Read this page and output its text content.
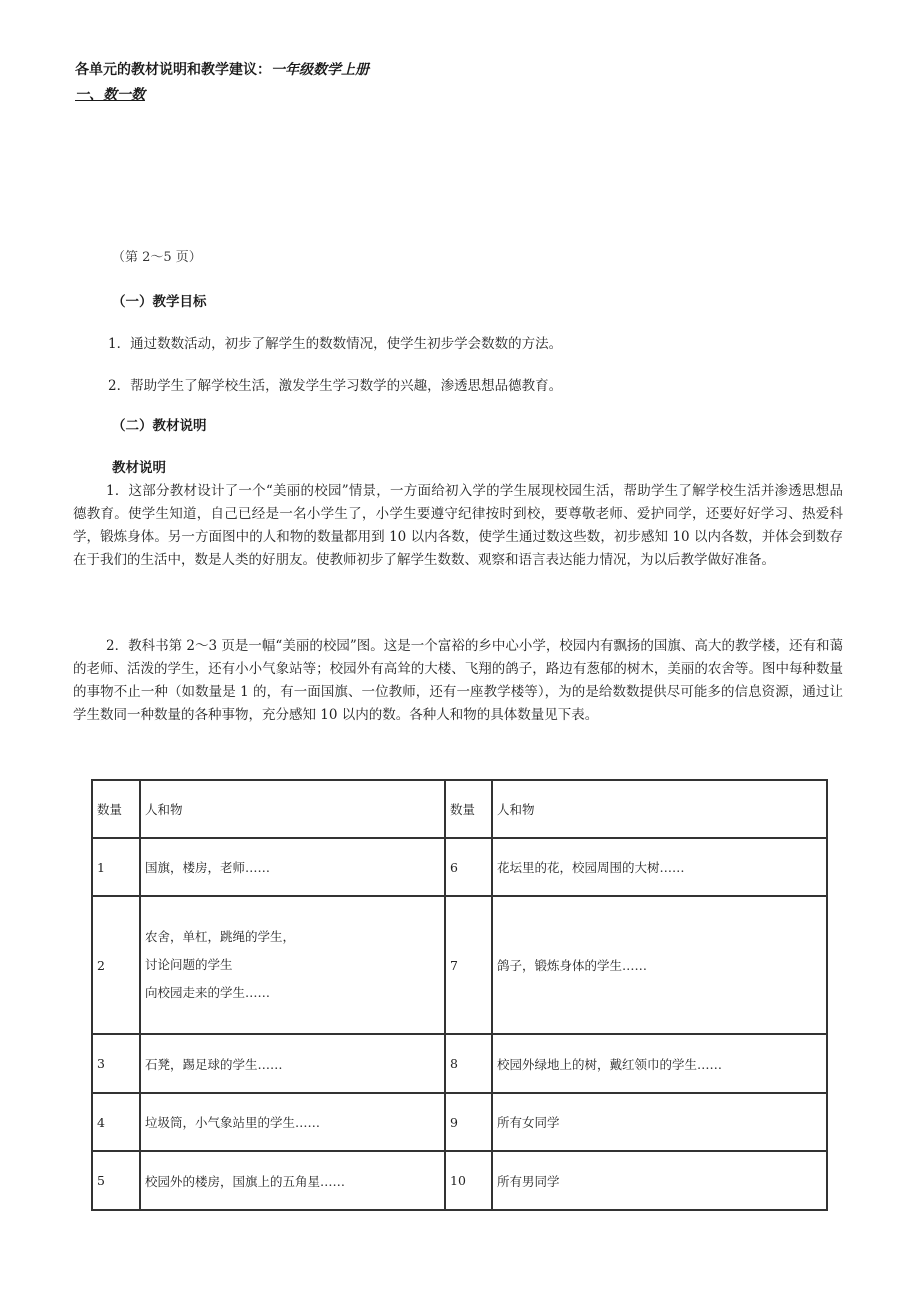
各单元的教材说明和教学建议：一年级数学上册
一、数一数
（第 2～5 页）
（一）教学目标
1．通过数数活动，初步了解学生的数数情况，使学生初步学会数数的方法。
2．帮助学生了解学校生活，激发学生学习数学的兴趣，渗透思想品德教育。
（二）教材说明
教材说明

1．这部分教材设计了一个“美丽的校园”情景，一方面给初入学的学生展现校园生活，帮助学生了解学校生活并渗透思想品德教育。使学生知道，自己已经是一名小学生了，小学生要遵守纪律按时到校，要尊敬老师、爱护同学，还要好好学习、热爱科学，锻炼身体。另一方面图中的人和物的数量都用到 10 以内各数，使学生通过数这些数，初步感知 10 以内各数，并体会到数存在于我们的生活中，数是人类的好朋友。使教师初步了解学生数数、观察和语言表达能力情况，为以后教学做好准备。

2．教科书第 2～3 页是一幅“美丽的校园”图。这是一个富裕的乡中心小学，校园内有飘扬的国旗、高大的教学楼，还有和蔼的老师、活泼的学生，还有小小气象站等；校园外有高耸的大楼、飞翔的鸽子，路边有葱郁的树木，美丽的农舍等。图中每种数量的事物不止一种（如数量是 1 的，有一面国旗、一位教师，还有一座教学楼等），为的是给数数提供尽可能多的信息资源，通过让学生数同一种数量的各种事物，充分感知 10 以内的数。各种人和物的具体数量见下表。

数量	人和物	数量	人和物
1	国旗，楼房，老师……	6	花坛里的花，校园周围的大树……
2	农舍，单杠，跳绳的学生，
讨论问题的学生
向校园走来的学生……	7	鸽子，锻炼身体的学生……
3	石凳，踢足球的学生……	8	校园外绿地上的树，戴红领巾的学生……
4	垃圾筒，小气象站里的学生……	9	所有女同学
5	校园外的楼房，国旗上的五角星……	10	所有男同学
